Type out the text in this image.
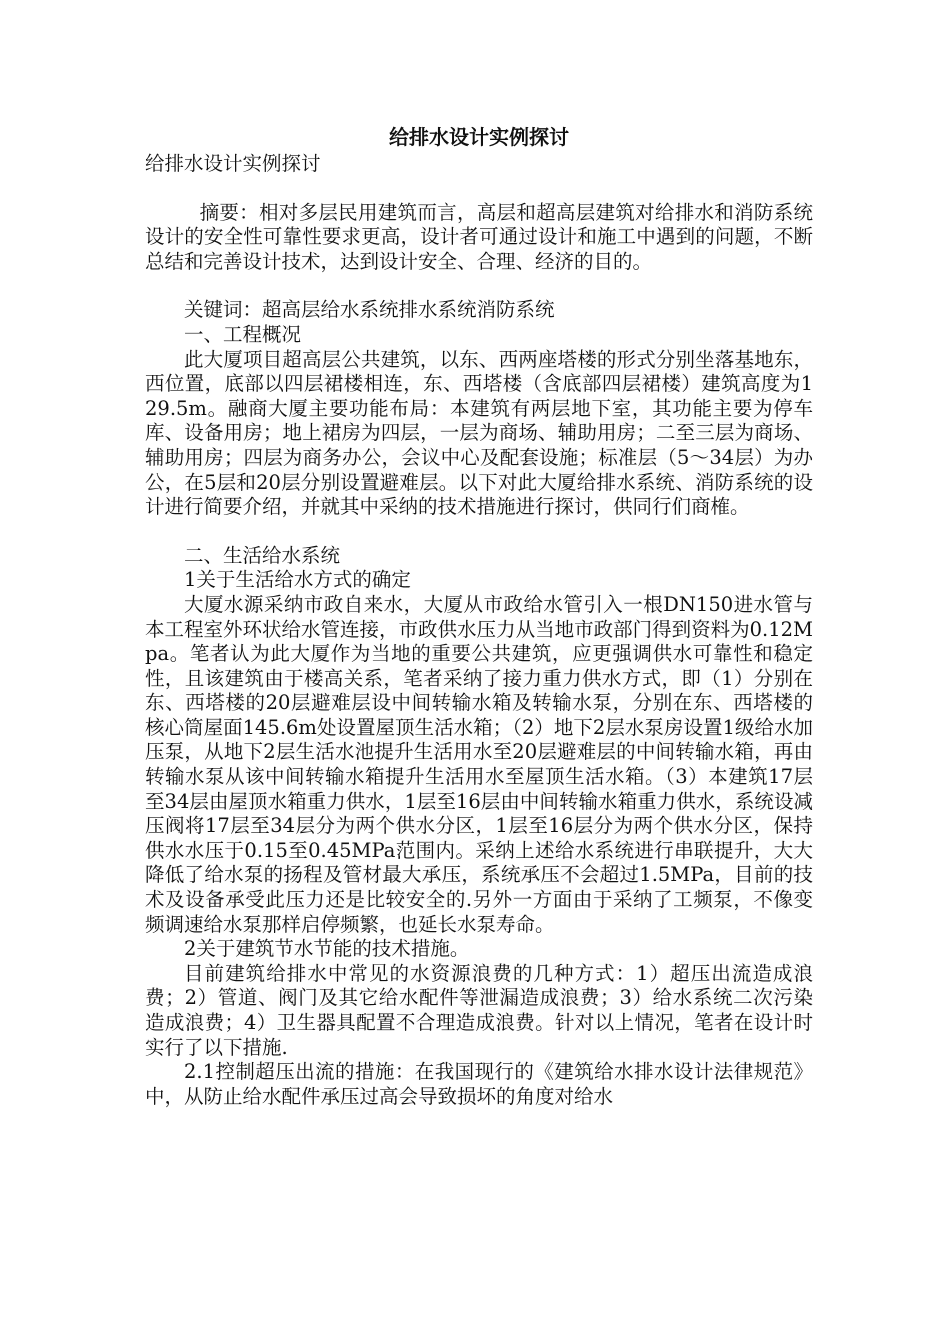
给排水设计实例探讨

给排水设计实例探讨

摘要：相对多层民用建筑而言，高层和超高层建筑对给排水和消防系统设计的安全性可靠性要求更高，设计者可通过设计和施工中遇到的问题，不断总结和完善设计技术，达到设计安全、合理、经济的目的。

关键词：超高层给水系统排水系统消防系统

一、工程概况

此大厦项目超高层公共建筑，以东、西两座塔楼的形式分别坐落基地东，西位置，底部以四层裙楼相连，东、西塔楼（含底部四层裙楼）建筑高度为129.5m。融商大厦主要功能布局：本建筑有两层地下室，其功能主要为停车库、设备用房；地上裙房为四层，一层为商场、辅助用房；二至三层为商场、辅助用房；四层为商务办公，会议中心及配套设施；标准层（5～34层）为办公，在5层和20层分别设置避难层。以下对此大厦给排水系统、消防系统的设计进行简要介绍，并就其中采纳的技术措施进行探讨，供同行们商榷。

二、生活给水系统

1关于生活给水方式的确定

大厦水源采纳市政自来水，大厦从市政给水管引入一根DN150进水管与本工程室外环状给水管连接，市政供水压力从当地市政部门得到资料为0.12Mpa。笔者认为此大厦作为当地的重要公共建筑，应更强调供水可靠性和稳定性，且该建筑由于楼高关系，笔者采纳了接力重力供水方式，即（1）分别在东、西塔楼的20层避难层设中间转输水箱及转输水泵，分别在东、西塔楼的核心筒屋面145.6m处设置屋顶生活水箱；（2）地下2层水泵房设置1级给水加压泵，从地下2层生活水池提升生活用水至20层避难层的中间转输水箱，再由转输水泵从该中间转输水箱提升生活用水至屋顶生活水箱。（3）本建筑17层至34层由屋顶水箱重力供水，1层至16层由中间转输水箱重力供水，系统设减压阀将17层至34层分为两个供水分区，1层至16层分为两个供水分区，保持供水水压于0.15至0.45MPa范围内。采纳上述给水系统进行串联提升，大大降低了给水泵的扬程及管材最大承压，系统承压不会超过1.5MPa，目前的技术及设备承受此压力还是比较安全的.另外一方面由于采纳了工频泵，不像变频调速给水泵那样启停频繁，也延长水泵寿命。

2关于建筑节水节能的技术措施。

目前建筑给排水中常见的水资源浪费的几种方式：1）超压出流造成浪费；2）管道、阀门及其它给水配件等泄漏造成浪费；3）给水系统二次污染造成浪费；4）卫生器具配置不合理造成浪费。针对以上情况，笔者在设计时实行了以下措施.

2.1控制超压出流的措施：在我国现行的《建筑给水排水设计法律规范》中，从防止给水配件承压过高会导致损坏的角度对给水
